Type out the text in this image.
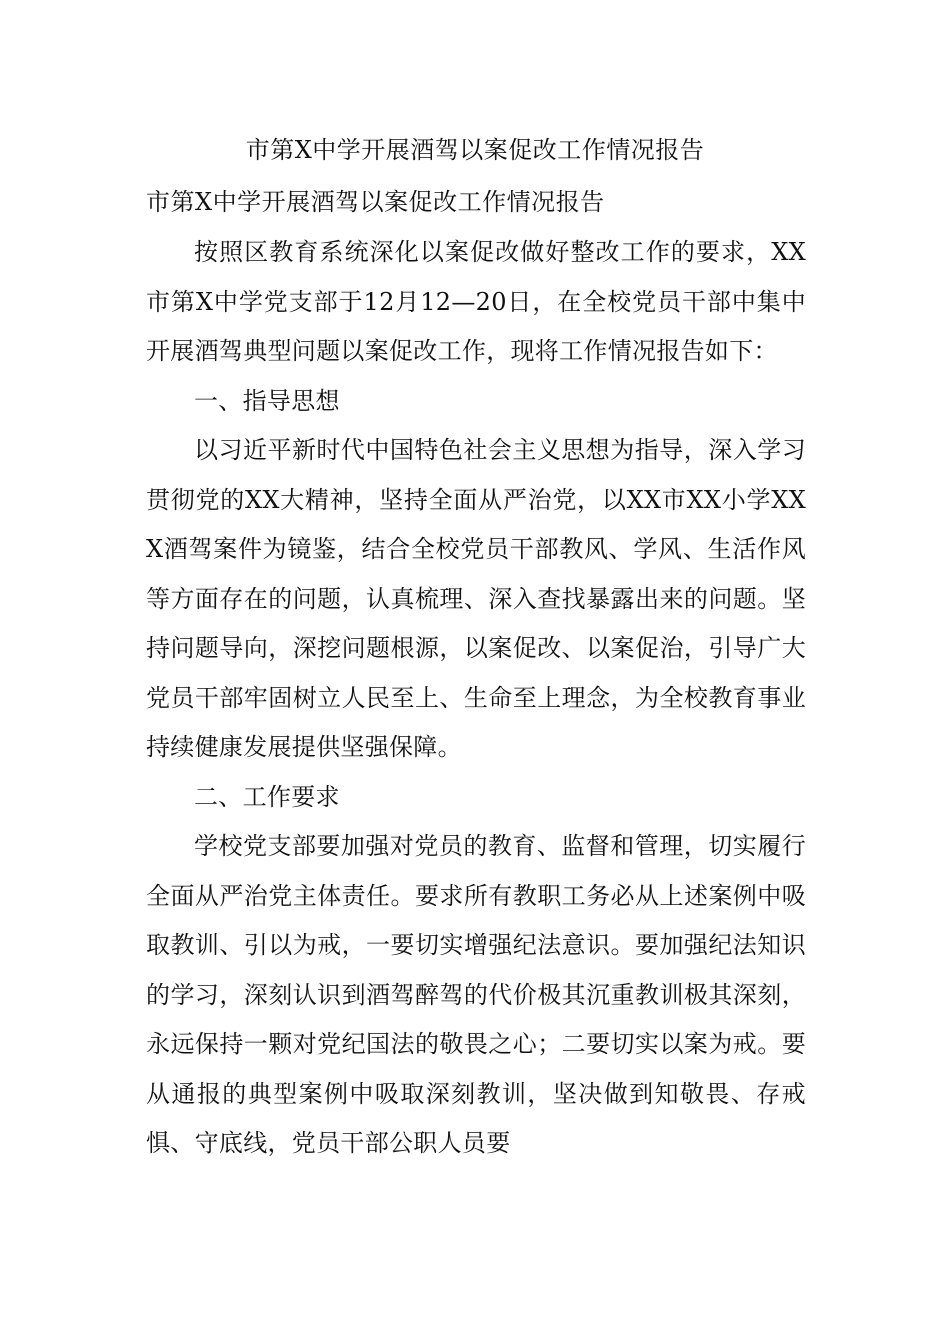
市第X中学开展酒驾以案促改工作情况报告
市第X中学开展酒驾以案促改工作情况报告

按照区教育系统深化以案促改做好整改工作的要求，XX市第X中学党支部于12月12—20日，在全校党员干部中集中开展酒驾典型问题以案促改工作，现将工作情况报告如下：

一、指导思想

以习近平新时代中国特色社会主义思想为指导，深入学习贯彻党的XX大精神，坚持全面从严治党，以XX市XX小学XXX酒驾案件为镜鉴，结合全校党员干部教风、学风、生活作风等方面存在的问题，认真梳理、深入查找暴露出来的问题。坚持问题导向，深挖问题根源，以案促改、以案促治，引导广大党员干部牢固树立人民至上、生命至上理念，为全校教育事业持续健康发展提供坚强保障。

二、工作要求

学校党支部要加强对党员的教育、监督和管理，切实履行全面从严治党主体责任。要求所有教职工务必从上述案例中吸取教训、引以为戒，一要切实增强纪法意识。要加强纪法知识的学习，深刻认识到酒驾醉驾的代价极其沉重教训极其深刻，永远保持一颗对党纪国法的敬畏之心；二要切实以案为戒。要从通报的典型案例中吸取深刻教训，坚决做到知敬畏、存戒惧、守底线，党员干部公职人员要
